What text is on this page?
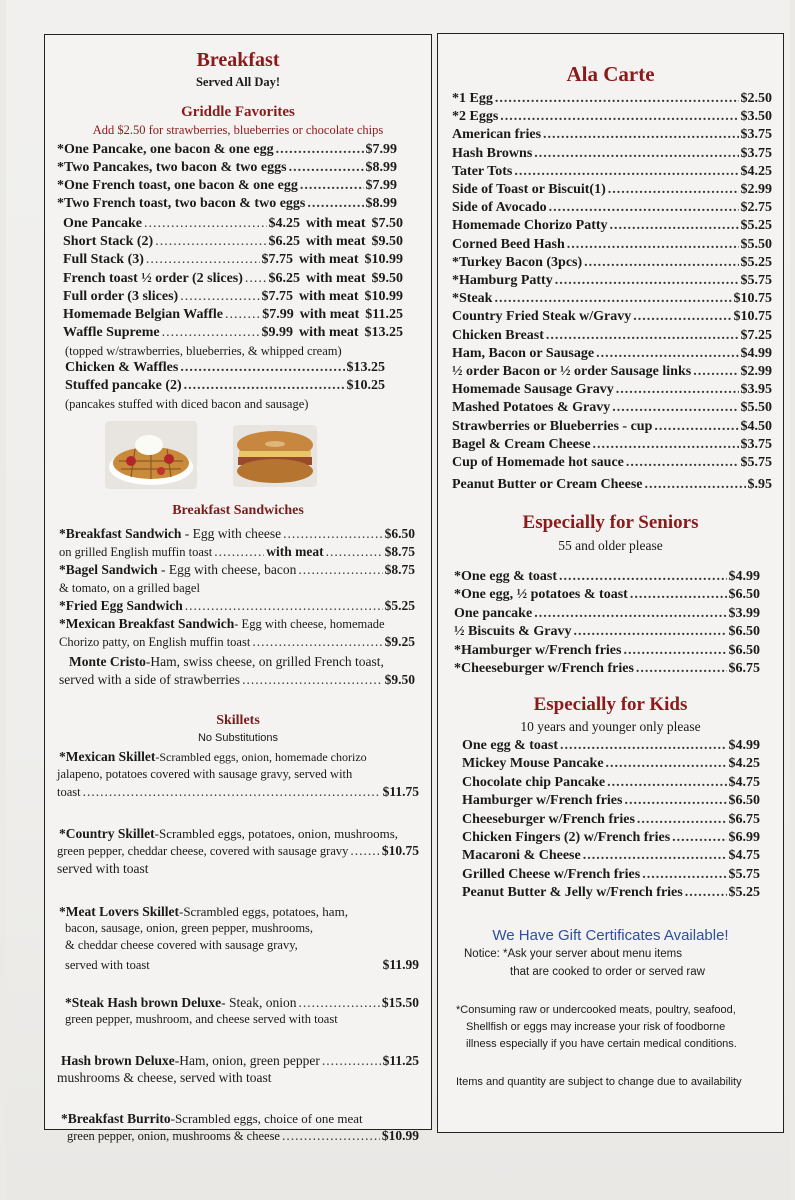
Breakfast
Served All Day!
Griddle Favorites
Add $2.50 for strawberries, blueberries or chocolate chips
*One Pancake, one bacon & one egg .....	$7.99
*Two Pancakes, two bacon & two eggs .....	$8.99
*One French toast, one bacon & one egg .....	$7.99
*Two French toast, two bacon & two eggs .....	$8.99
One Pancake .....	$4.25 with meat $7.50
Short Stack (2) .....	$6.25 with meat $9.50
Full Stack (3) .....	$7.75 with meat $10.99
French toast ½ order (2 slices) ..... $6.25 with meat $9.50
Full order (3 slices) .....	$7.75 with meat $10.99
Homemade Belgian Waffle .....	$7.99 with meat $11.25
Waffle Supreme .....	$9.99 with meat $13.25
(topped w/strawberries, blueberries, & whipped cream)
Chicken & Waffles .....	$13.25
Stuffed pancake (2) .....	$10.25
(pancakes stuffed with diced bacon and sausage)
Breakfast Sandwiches
*Breakfast Sandwich - Egg with cheese .....	$6.50
on grilled English muffin toast .....	with meat .....	$8.75
*Bagel Sandwich - Egg with cheese, bacon .....	$8.75
& tomato, on a grilled bagel
*Fried Egg Sandwich .....	$5.25
*Mexican Breakfast Sandwich- Egg with cheese, homemade
Chorizo patty, on English muffin toast .....	$9.25
Monte Cristo-Ham, swiss cheese, on grilled French toast,
served with a side of strawberries .....	$9.50
Skillets
No Substitutions
*Mexican Skillet-Scrambled eggs, onion, homemade chorizo
jalapeno, potatoes covered with sausage gravy, served with
toast .....	$11.75
*Country Skillet-Scrambled eggs, potatoes, onion, mushrooms,
green pepper, cheddar cheese, covered with sausage gravy ..... $10.75
served with toast
*Meat Lovers Skillet-Scrambled eggs, potatoes, ham,
bacon, sausage, onion, green pepper, mushrooms,
& cheddar cheese covered with sausage gravy,
served with toast	$11.99
*Steak Hash brown Deluxe- Steak, onion .....	$15.50
green pepper, mushroom, and cheese served with toast
Hash brown Deluxe-Ham, onion, green pepper .....	$11.25
mushrooms & cheese, served with toast
*Breakfast Burrito-Scrambled eggs, choice of one meat
green pepper, onion, mushrooms & cheese .....	$10.99
Ala Carte
*1 Egg .....	$2.50
*2 Eggs .....	$3.50
American fries .....	$3.75
Hash Browns .....	$3.75
Tater Tots .....	$4.25
Side of Toast or Biscuit(1) .....	$2.99
Side of Avocado .....	$2.75
Homemade Chorizo Patty .....	$5.25
Corned Beed Hash .....	$5.50
*Turkey Bacon (3pcs) .....	$5.25
*Hamburg Patty .....	$5.75
*Steak .....	$10.75
Country Fried Steak w/Gravy .....	$10.75
Chicken Breast .....	$7.25
Ham, Bacon or Sausage .....	$4.99
½ order Bacon or ½ order Sausage links .....	$2.99
Homemade Sausage Gravy .....	$3.95
Mashed Potatoes & Gravy .....	$5.50
Strawberries or Blueberries - cup .....	$4.50
Bagel & Cream Cheese .....	$3.75
Cup of Homemade hot sauce .....	$5.75
Peanut Butter or Cream Cheese .....	$.95
Especially for Seniors
55 and older please
*One egg & toast .....	$4.99
*One egg, ½ potatoes & toast .....	$6.50
One pancake .....	$3.99
½ Biscuits & Gravy .....	$6.50
*Hamburger w/French fries .....	$6.50
*Cheeseburger w/French fries .....	$6.75
Especially for Kids
10 years and younger only please
One egg & toast .....	$4.99
Mickey Mouse Pancake .....	$4.25
Chocolate chip Pancake .....	$4.75
Hamburger w/French fries .....	$6.50
Cheeseburger w/French fries .....	$6.75
Chicken Fingers (2) w/French fries .....	$6.99
Macaroni & Cheese .....	$4.75
Grilled Cheese w/French fries .....	$5.75
Peanut Butter & Jelly w/French fries .....	$5.25
We Have Gift Certificates Available!
Notice: *Ask your server about menu items
that are cooked to order or served raw
*Consuming raw or undercooked meats, poultry, seafood,
Shellfish or eggs may increase your risk of foodborne
illness especially if you have certain medical conditions.
Items and quantity are subject to change due to availability
